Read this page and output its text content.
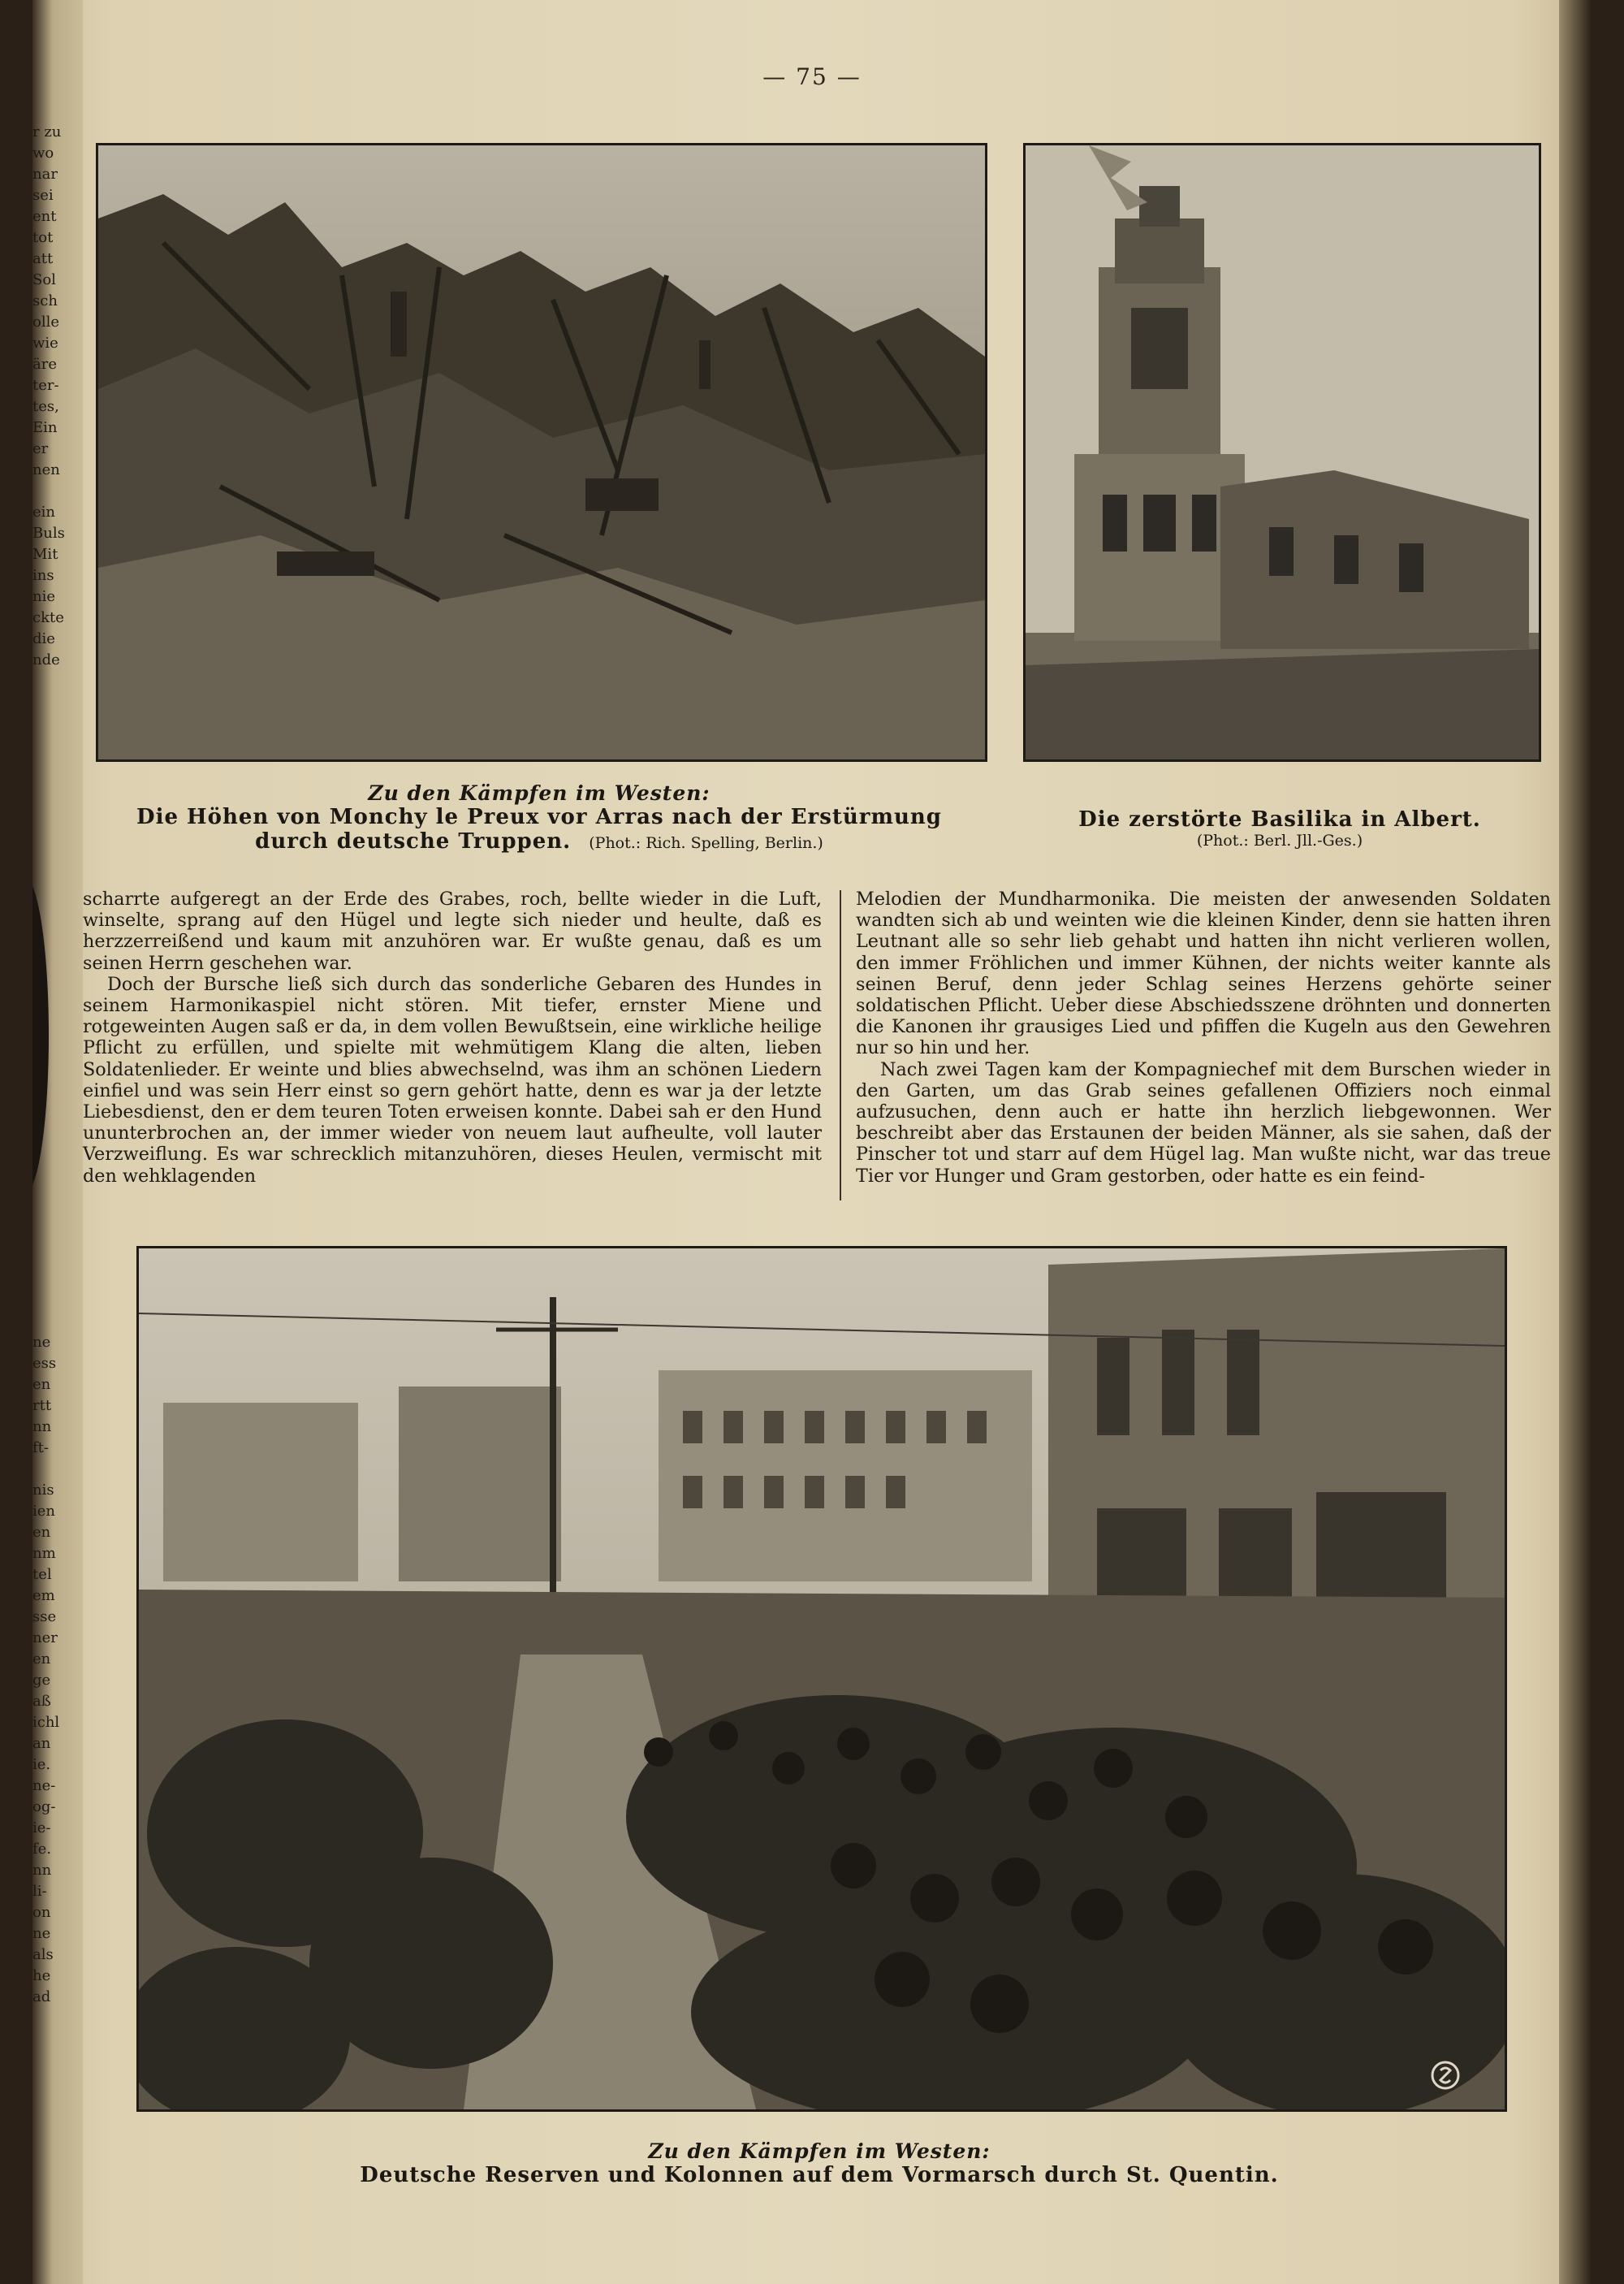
r zu
wo
nar
sei
ent
tot
att
Sol
sch
olle
wie
äre
ter-
tes,
Ein
er
nen

ein
Buls
Mit
ins
nie
ckte
die
nde
ne
ess
en
rtt
nn
ft-

nis
ien
en
nm
tel
em
sse
ner
en
ge
aß
ichl
an
ie.
ne-
og-
ie-
fe.
nn
li-
on
ne
als
he
ad
— 75 —
Zu den Kämpfen im Westen:
Die Höhen von Monchy le Preux vor Arras nach der Erstürmung
durch deutsche Truppen. (Phot.: Rich. Spelling, Berlin.)
Die zerstörte Basilika in Albert.
(Phot.: Berl. Jll.-Ges.)

scharrte aufgeregt an der Erde des Grabes, roch, bellte wieder in die Luft, winselte, sprang auf den Hügel und legte sich nieder und heulte, daß es herzzerreißend und kaum mit anzuhören war. Er wußte genau, daß es um seinen Herrn geschehen war.

Doch der Bursche ließ sich durch das sonderliche Gebaren des Hundes in seinem Harmonikaspiel nicht stören. Mit tiefer, ernster Miene und rotgeweinten Augen saß er da, in dem vollen Bewußtsein, eine wirkliche heilige Pflicht zu erfüllen, und spielte mit wehmütigem Klang die alten, lieben Soldatenlieder. Er weinte und blies abwechselnd, was ihm an schönen Liedern einfiel und was sein Herr einst so gern gehört hatte, denn es war ja der letzte Liebesdienst, den er dem teuren Toten erweisen konnte. Dabei sah er den Hund ununterbrochen an, der immer wieder von neuem laut aufheulte, voll lauter Verzweiflung. Es war schrecklich mitanzuhören, dieses Heulen, vermischt mit den wehklagenden

Melodien der Mundharmonika. Die meisten der anwesenden Soldaten wandten sich ab und weinten wie die kleinen Kinder, denn sie hatten ihren Leutnant alle so sehr lieb gehabt und hatten ihn nicht verlieren wollen, den immer Fröhlichen und immer Kühnen, der nichts weiter kannte als seinen Beruf, denn jeder Schlag seines Herzens gehörte seiner soldatischen Pflicht. Ueber diese Abschiedsszene dröhnten und donnerten die Kanonen ihr grausiges Lied und pfiffen die Kugeln aus den Gewehren nur so hin und her.

Nach zwei Tagen kam der Kompagniechef mit dem Burschen wieder in den Garten, um das Grab seines gefallenen Offiziers noch einmal aufzusuchen, denn auch er hatte ihn herzlich liebgewonnen. Wer beschreibt aber das Erstaunen der beiden Männer, als sie sahen, daß der Pinscher tot und starr auf dem Hügel lag. Man wußte nicht, war das treue Tier vor Hunger und Gram gestorben, oder hatte es ein feind-

Zu den Kämpfen im Westen:
Deutsche Reserven und Kolonnen auf dem Vormarsch durch St. Quentin.
